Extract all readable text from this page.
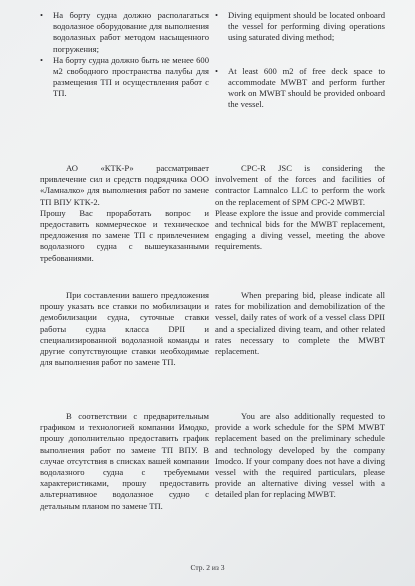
• На борту судна должно располагаться водолазное оборудование для выполнения водолазных работ методом насыщенного погружения;
• На борту судна должно быть не менее 600 м2 свободного пространства палубы для размещения ТП и осуществления работ с ТП.
• Diving equipment should be located onboard the vessel for performing diving operations using saturated diving method;
• At least 600 m2 of free deck space to accommodate MWBT and perform further work on MWBT should be provided onboard the vessel.

АО «КТК-Р» рассматривает привлечение сил и средств подрядчика ООО «Ламналко» для выполнения работ по замене ТП ВПУ КТК-2.

Прошу Вас проработать вопрос и предоставить коммерческое и техническое предложения по замене ТП с привлечением водолазного судна с вышеуказанными требованиями.

CPC-R JSC is considering the involvement of the forces and facilities of contractor Lamnalco LLC to perform the work on the replacement of SPM CPC-2 MWBT.

Please explore the issue and provide commercial and technical bids for the MWBT replacement, engaging a diving vessel, meeting the above requirements.

При составлении вашего предложения прошу указать все ставки по мобилизации и демобилизации судна, суточные ставки работы судна класса DPII и специализированной водолазной команды и другие сопутствующие ставки необходимые для выполнения работ по замене ТП.

When preparing bid, please indicate all rates for mobilization and demobilization of the vessel, daily rates of work of a vessel class DPII and a specialized diving team, and other related rates necessary to complete the MWBT replacement.

В соответствии с предварительным графиком и технологией компании Имодко, прошу дополнительно предоставить график выполнения работ по замене ТП ВПУ. В случае отсутствия в списках вашей компании водолазного судна с требуемыми характеристиками, прошу предоставить альтернативное водолазное судно с детальным планом по замене ТП.

You are also additionally requested to provide a work schedule for the SPM MWBT replacement based on the preliminary schedule and technology developed by the company Imodco. If your company does not have a diving vessel with the required particulars, please provide an alternative diving vessel with a detailed plan for replacing MWBT.

Стр. 2 из 3
